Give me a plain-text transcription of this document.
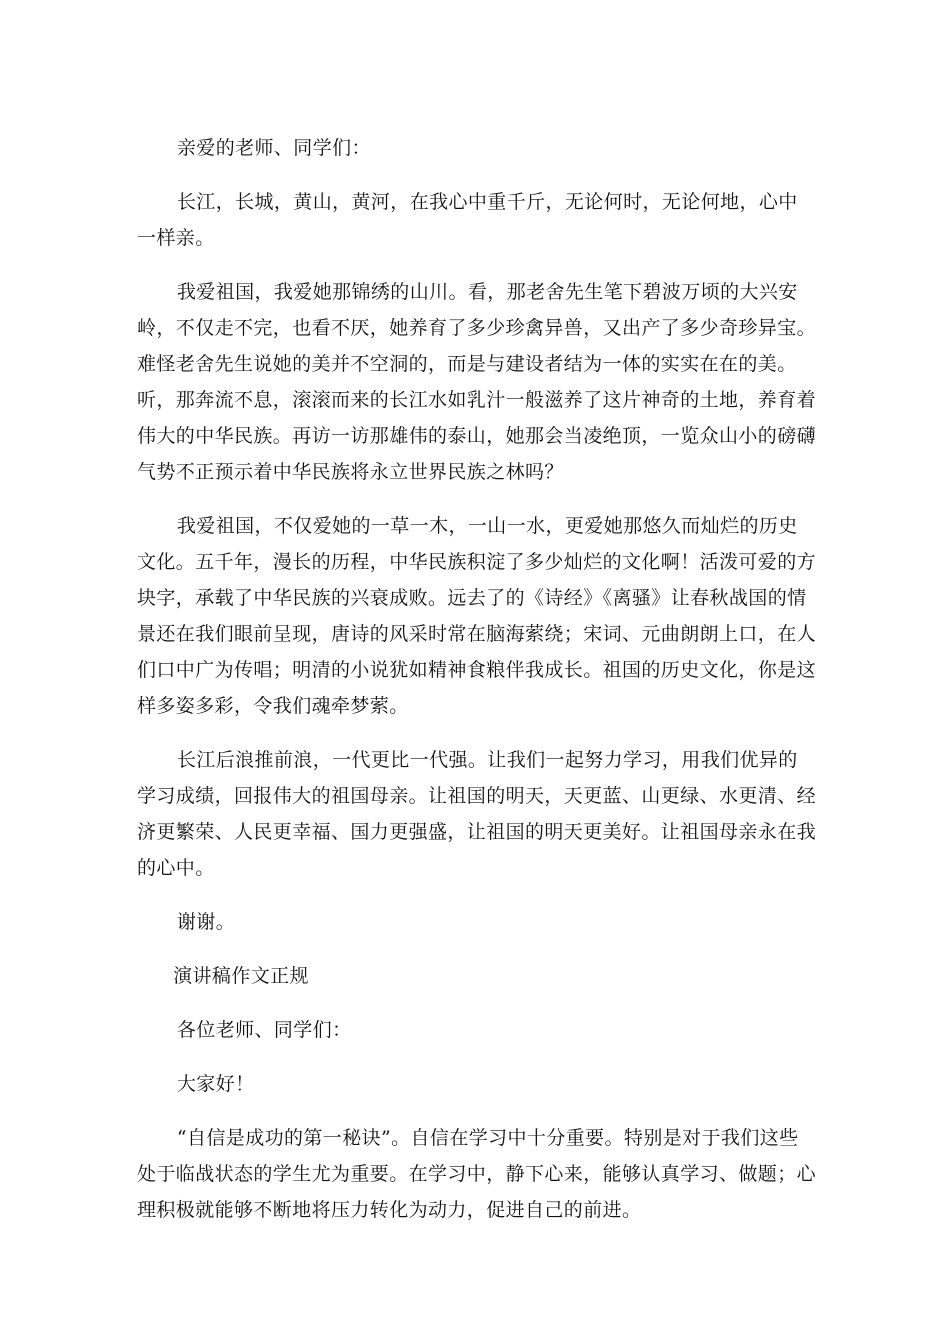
亲爱的老师、同学们：

长江，长城，黄山，黄河，在我心中重千斤，无论何时，无论何地，心中一样亲。

我爱祖国，我爱她那锦绣的山川。看，那老舍先生笔下碧波万顷的大兴安岭，不仅走不完，也看不厌，她养育了多少珍禽异兽，又出产了多少奇珍异宝。难怪老舍先生说她的美并不空洞的，而是与建设者结为一体的实实在在的美。听，那奔流不息，滚滚而来的长江水如乳汁一般滋养了这片神奇的土地，养育着伟大的中华民族。再访一访那雄伟的泰山，她那会当凌绝顶，一览众山小的磅礴气势不正预示着中华民族将永立世界民族之林吗？

我爱祖国，不仅爱她的一草一木，一山一水，更爱她那悠久而灿烂的历史文化。五千年，漫长的历程，中华民族积淀了多少灿烂的文化啊！活泼可爱的方块字，承载了中华民族的兴衰成败。远去了的《诗经》《离骚》让春秋战国的情景还在我们眼前呈现，唐诗的风采时常在脑海萦绕；宋词、元曲朗朗上口，在人们口中广为传唱；明清的小说犹如精神食粮伴我成长。祖国的历史文化，你是这样多姿多彩，令我们魂牵梦萦。

长江后浪推前浪，一代更比一代强。让我们一起努力学习，用我们优异的学习成绩，回报伟大的祖国母亲。让祖国的明天，天更蓝、山更绿、水更清、经济更繁荣、人民更幸福、国力更强盛，让祖国的明天更美好。让祖国母亲永在我的心中。

谢谢。

演讲稿作文正规

各位老师、同学们：

大家好！

“自信是成功的第一秘诀”。自信在学习中十分重要。特别是对于我们这些处于临战状态的学生尤为重要。在学习中，静下心来，能够认真学习、做题；心理积极就能够不断地将压力转化为动力，促进自己的前进。
